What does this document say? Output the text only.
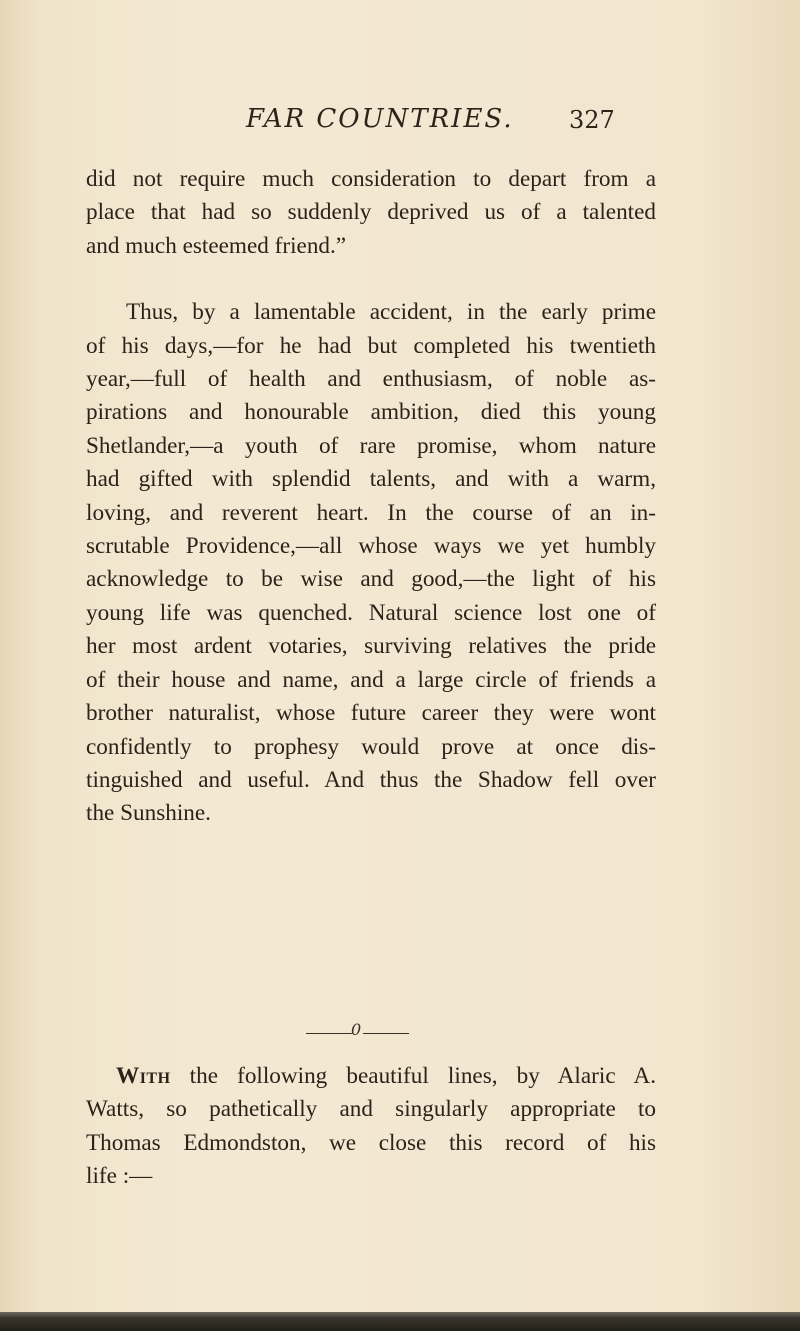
FAR COUNTRIES. 327
did not require much consideration to depart from a
place that had so suddenly deprived us of a talented
and much esteemed friend.”
Thus, by a lamentable accident, in the early prime
of his days,—for he had but completed his twentieth
year,—full of health and enthusiasm, of noble as-
pirations and honourable ambition, died this young
Shetlander,—a youth of rare promise, whom nature
had gifted with splendid talents, and with a warm,
loving, and reverent heart. In the course of an in-
scrutable Providence,—all whose ways we yet humbly
acknowledge to be wise and good,—the light of his
young life was quenched. Natural science lost one of
her most ardent votaries, surviving relatives the pride
of their house and name, and a large circle of friends a
brother naturalist, whose future career they were wont
confidently to prophesy would prove at once dis-
tinguished and useful. And thus the Shadow fell over
the Sunshine.
0
With the following beautiful lines, by Alaric A.
Watts, so pathetically and singularly appropriate to
Thomas Edmondston, we close this record of his
life :—
